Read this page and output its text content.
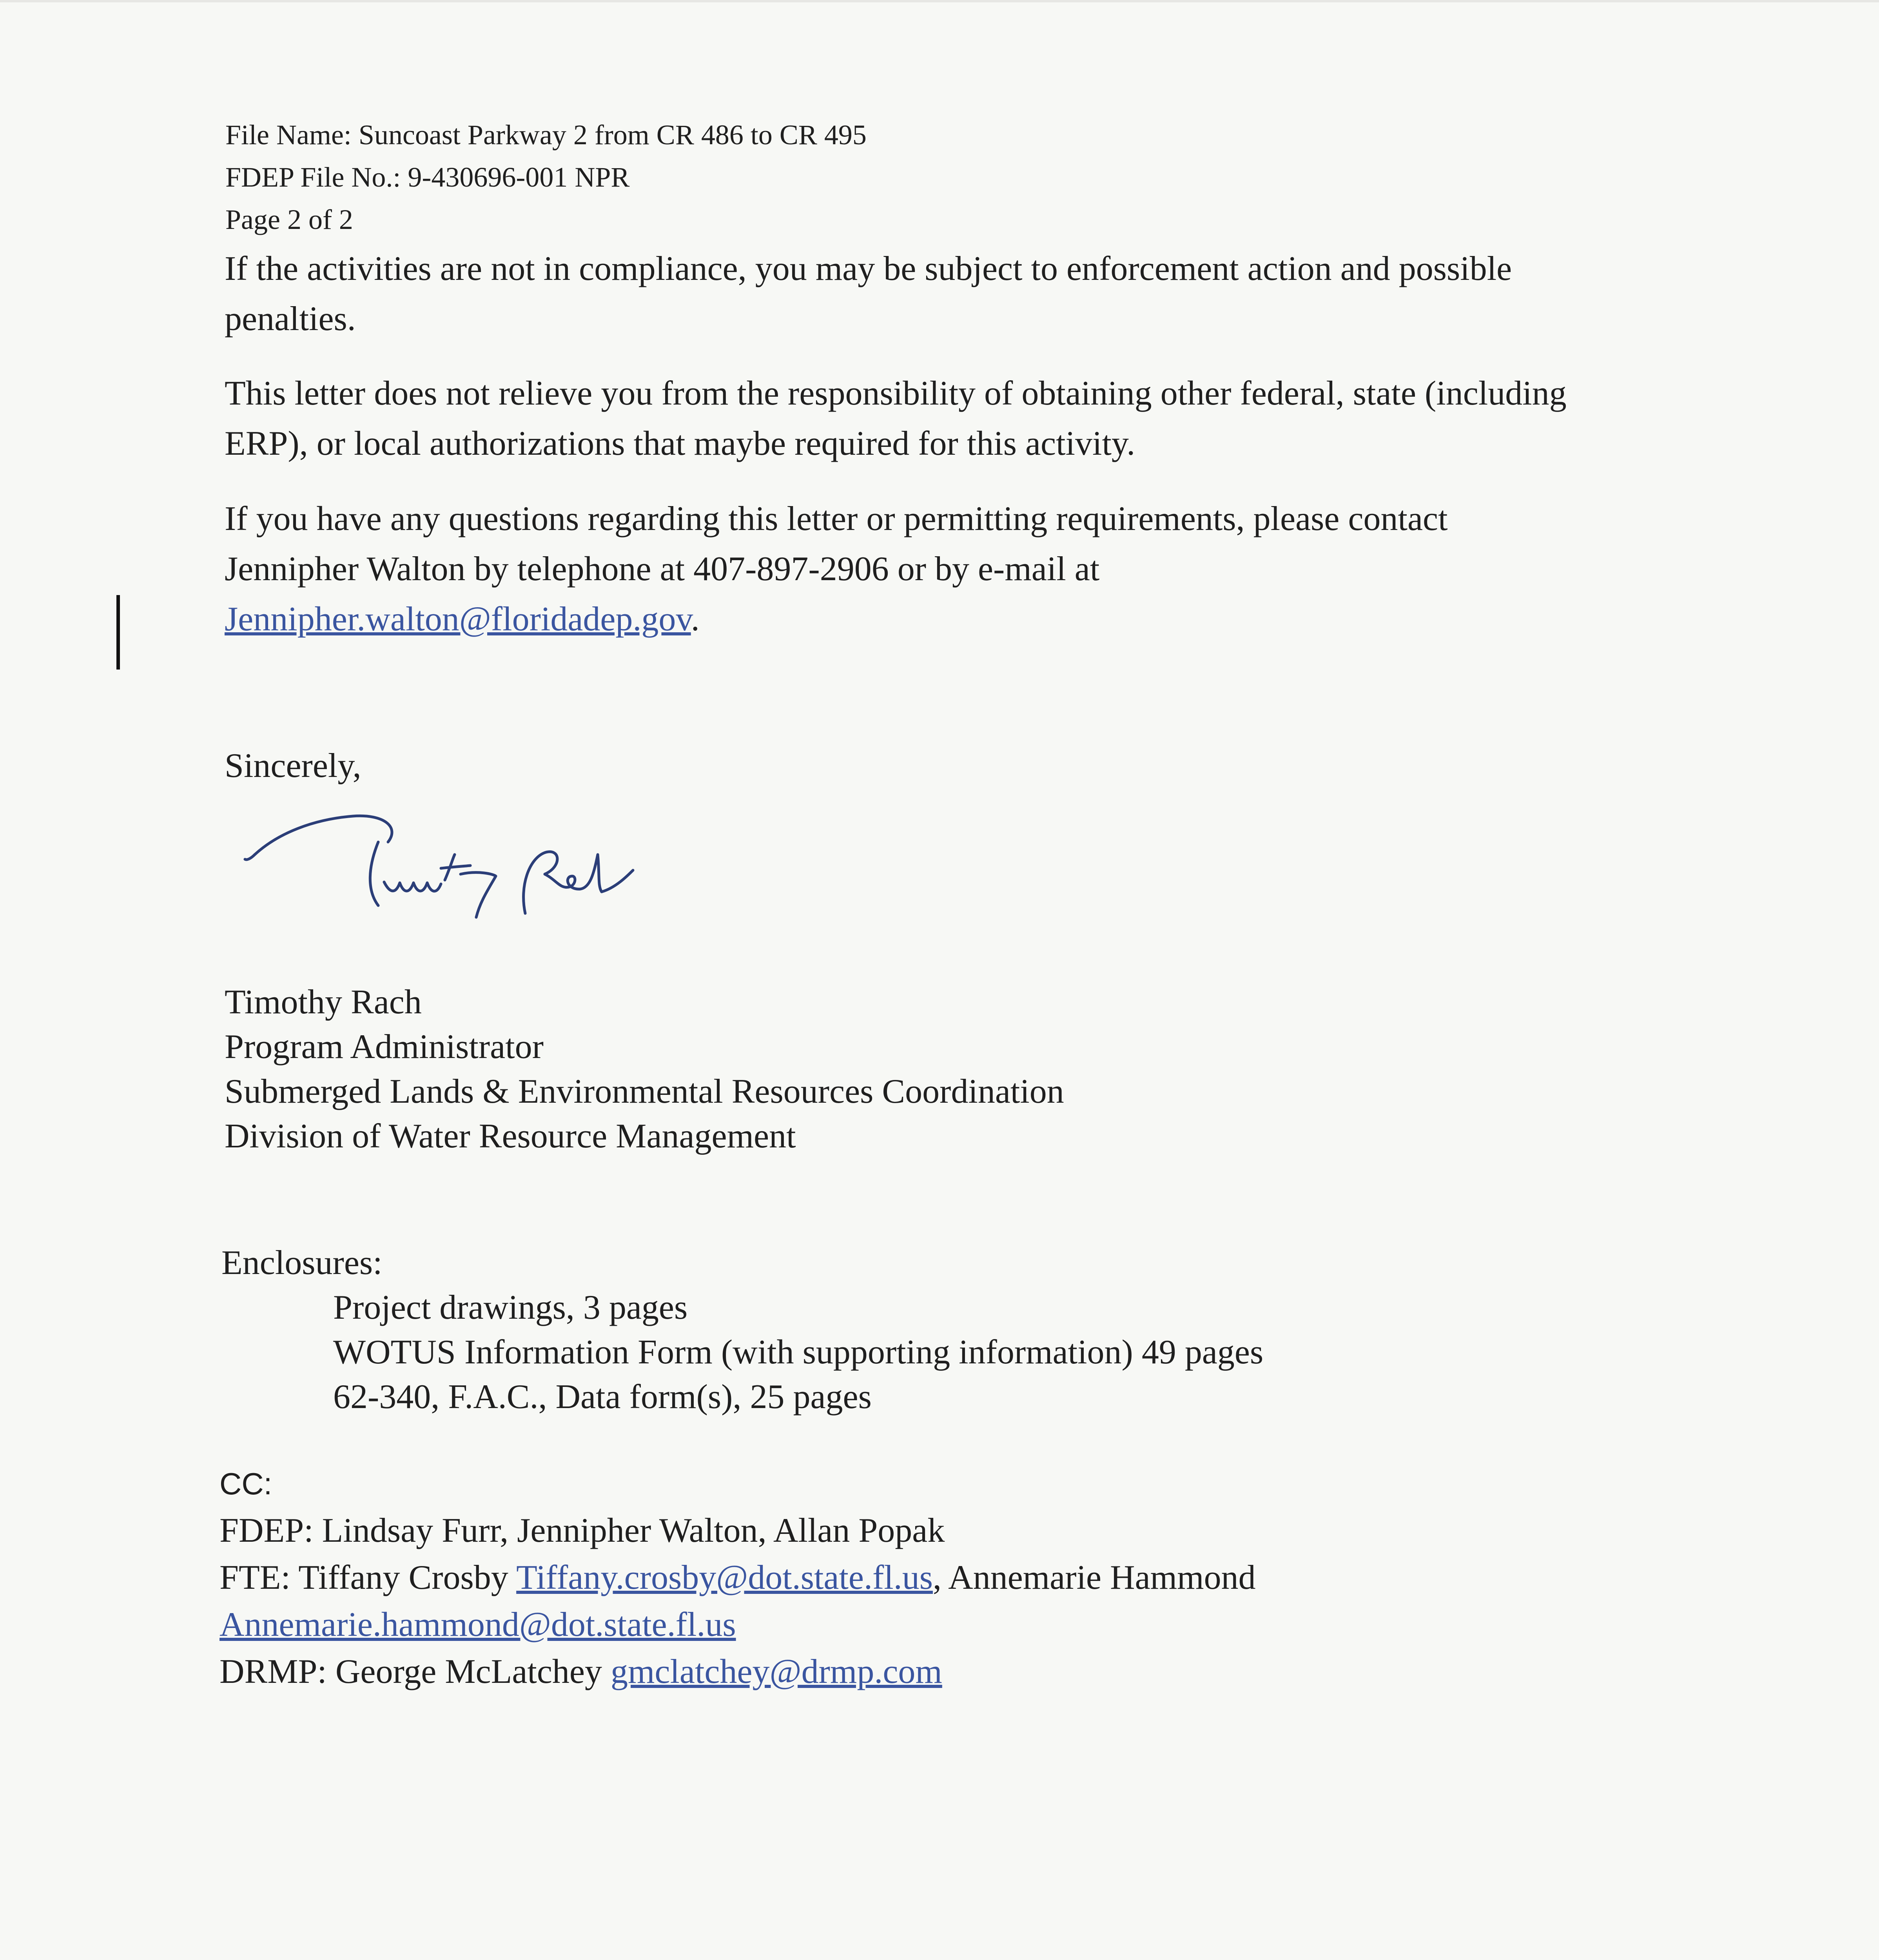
File Name: Suncoast Parkway 2 from CR 486 to CR 495
FDEP File No.: 9-430696-001 NPR
Page 2 of 2
If the activities are not in compliance, you may be subject to enforcement action and possible
penalties.
This letter does not relieve you from the responsibility of obtaining other federal, state (including
ERP), or local authorizations that maybe required for this activity.
If you have any questions regarding this letter or permitting requirements, please contact
Jennipher Walton by telephone at 407-897-2906 or by e-mail at
Jennipher.walton@floridadep.gov.
Sincerely,
Timothy Rach
Program Administrator
Submerged Lands & Environmental Resources Coordination
Division of Water Resource Management
Enclosures:
Project drawings, 3 pages
WOTUS Information Form (with supporting information) 49 pages
62-340, F.A.C., Data form(s), 25 pages
CC:
FDEP: Lindsay Furr, Jennipher Walton, Allan Popak
FTE: Tiffany Crosby Tiffany.crosby@dot.state.fl.us, Annemarie Hammond
Annemarie.hammond@dot.state.fl.us
DRMP: George McLatchey gmclatchey@drmp.com
